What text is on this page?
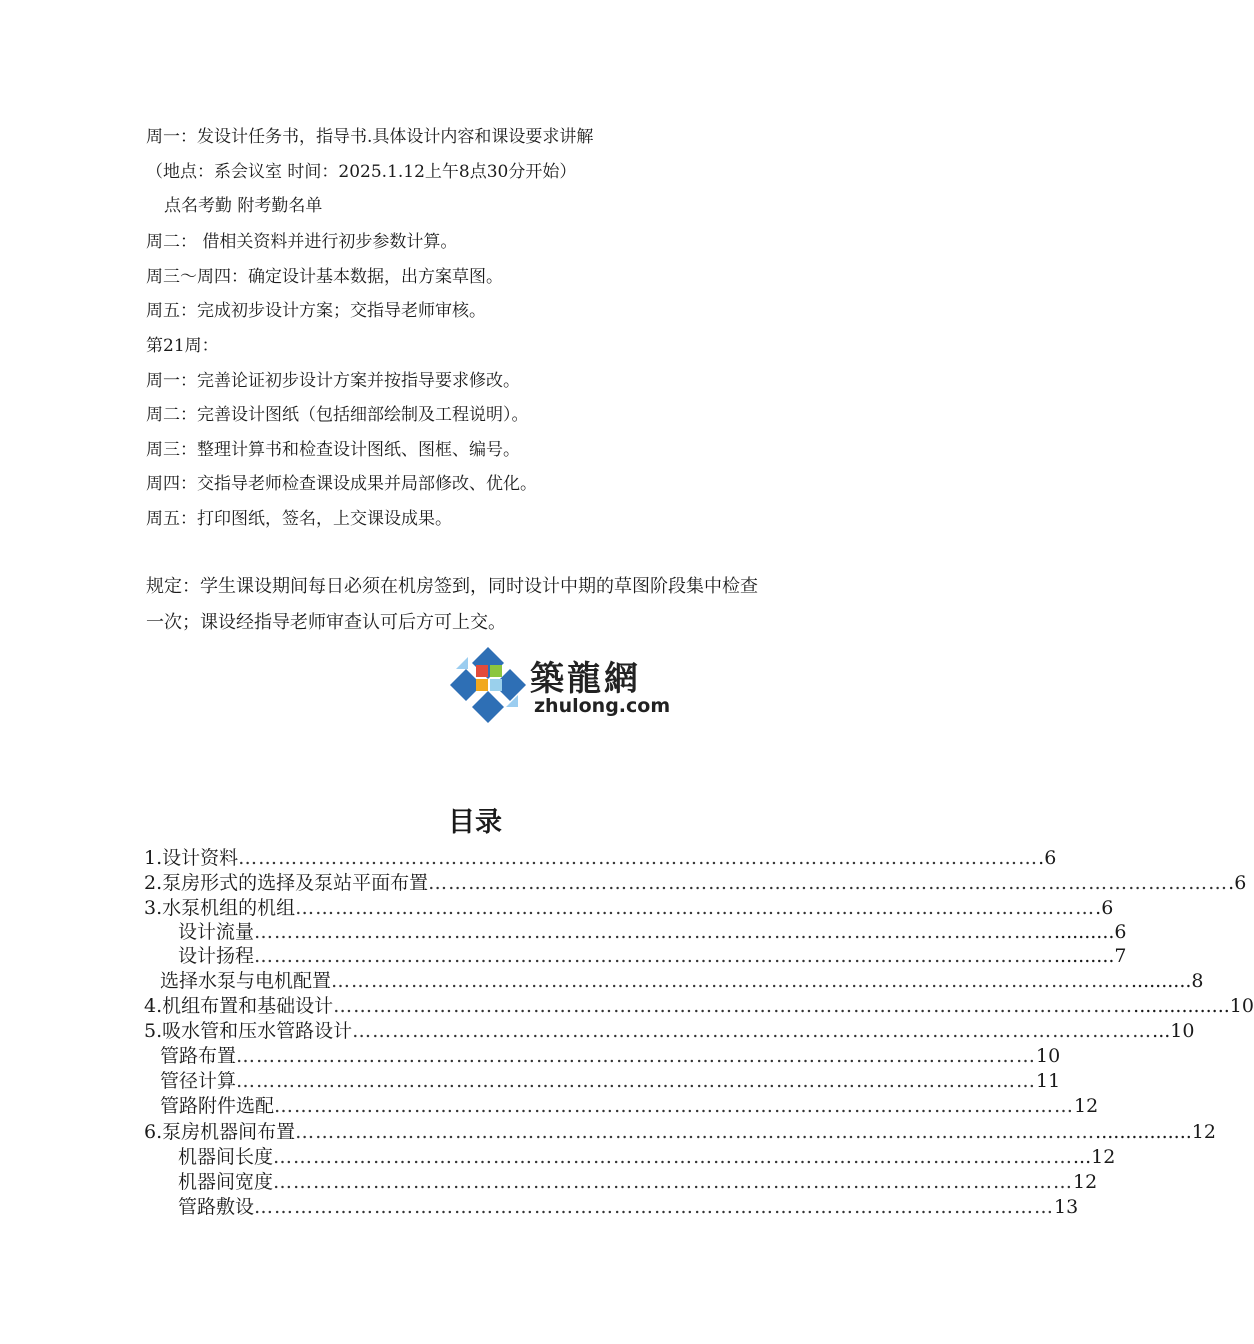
周一：发设计任务书，指导书.具体设计内容和课设要求讲解
（地点：系会议室 时间：2025.1.12上午8点30分开始）
点名考勤 附考勤名单
周二： 借相关资料并进行初步参数计算。
周三～周四：确定设计基本数据，出方案草图。
周五：完成初步设计方案；交指导老师审核。
第21周：
周一：完善论证初步设计方案并按指导要求修改。
周二：完善设计图纸（包括细部绘制及工程说明）。
周三：整理计算书和检查设计图纸、图框、编号。
周四：交指导老师检查课设成果并局部修改、优化。
周五：打印图纸，签名，上交课设成果。
规定：学生课设期间每日必须在机房签到，同时设计中期的草图阶段集中检查
一次；课设经指导老师审查认可后方可上交。
築龍網
zhulong.com
目录
1. 设计资料 ………………………………………………………………………………………………………… .6
2. 泵房形式的选择及泵站平面布置 ………………………………………………………………………………………………………… .6
3. 水泵机组的机组 ………………………………………………………………………………………………………… .6
设计流量 ………………………………………………………………………………………………………… ..........6
设计扬程 ………………………………………………………………………………………………………… ..........7
选择水泵与电机配置 ………………………………………………………………………………………………………… ..........8
4. 机组布置和基础设计 ………………………………………………………………………………………………………… ................10
5. 吸水管和压水管路设计 ………………………………………………………………………………………………………… ...10
管路布置 ………………………………………………………………………………………………………… 10
管径计算 ………………………………………………………………………………………………………… 11
管路附件选配 ………………………………………………………………………………………………………… 12
6. 泵房机器间布置 ………………………………………………………………………………………………………… ................12
机器间长度 ………………………………………………………………………………………………………… ...12
机器间宽度 ………………………………………………………………………………………………………… 12
管路敷设 ………………………………………………………………………………………………………… 13
